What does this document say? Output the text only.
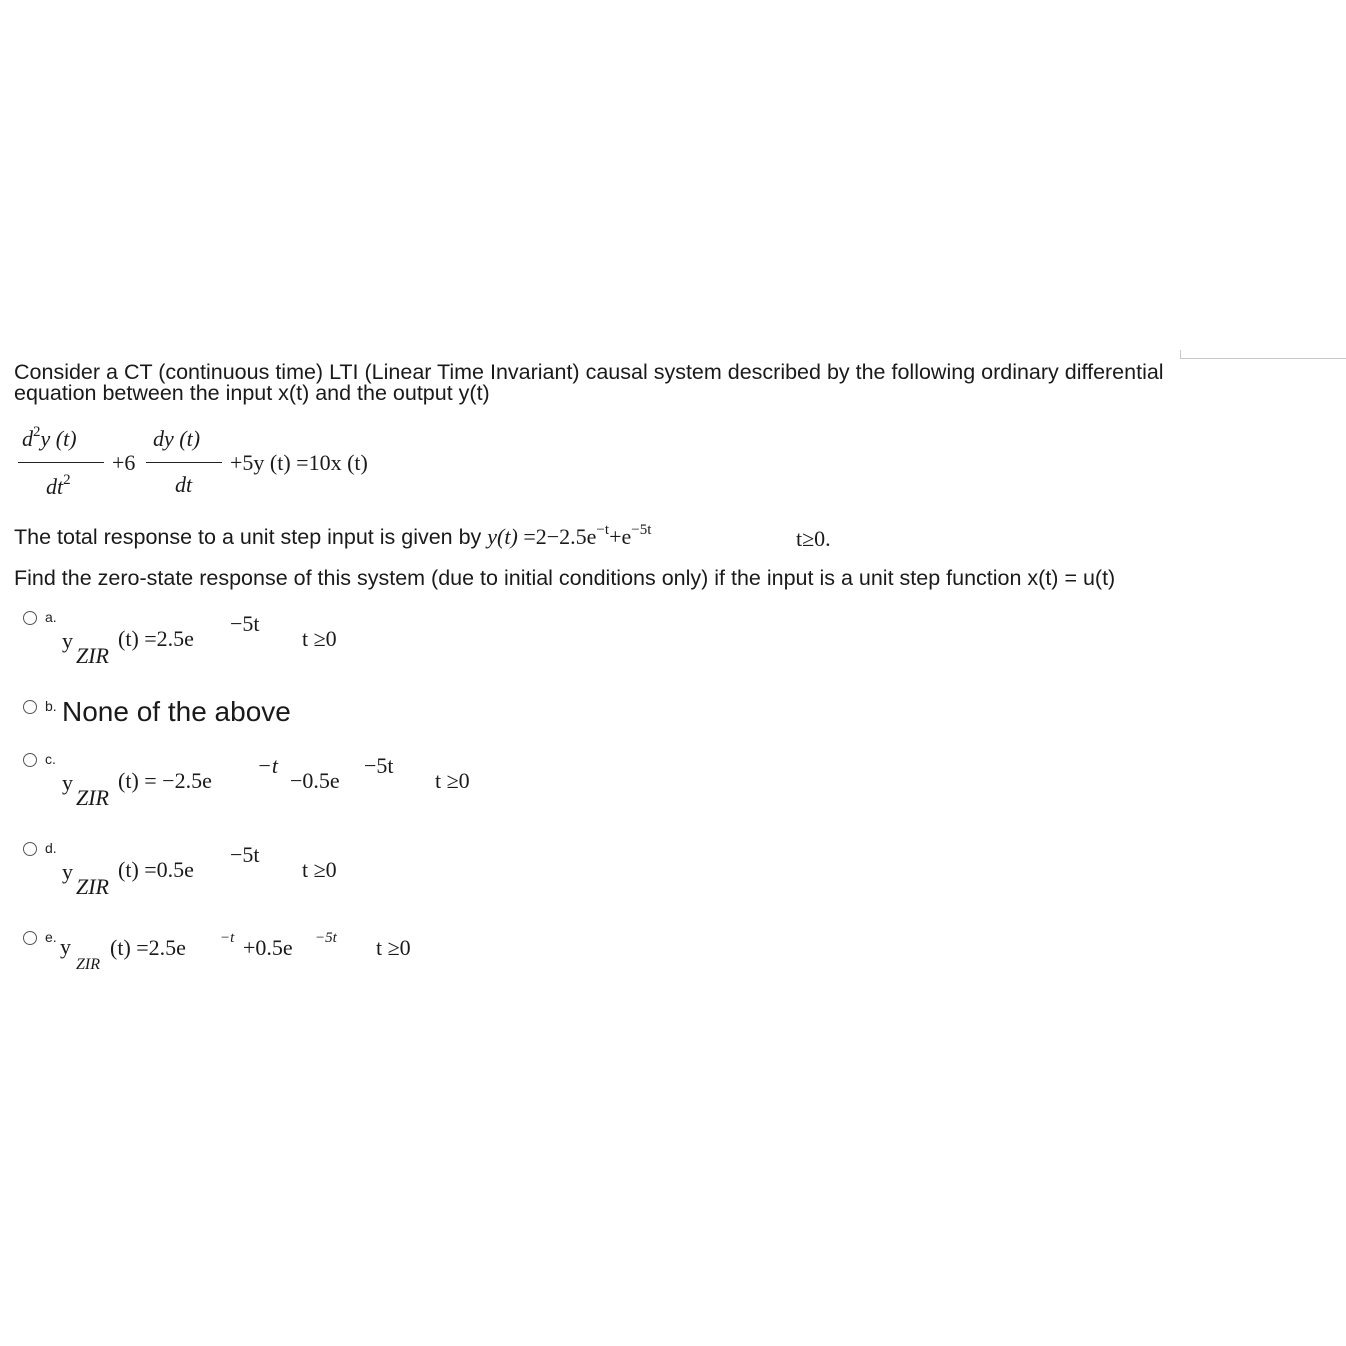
Consider a CT (continuous time) LTI (Linear Time Invariant) causal system described by the following ordinary differential
equation between the input x(t) and the output y(t)
$d^2y$ (t)
$dt^2$
+6
dy (t)
dt
+5y (t) =10x (t)
The total response to a unit step input is given by $y(t) =2-2.5e^{-t}+e^{-5t}$	t≥0.
Find the zero-state response of this system (due to initial conditions only) if the input is a unit step function x(t) = u(t)
a.
y
ZIR
(t) =2.5e
−5t
t ≥0
b. None of the above
c.
y
ZIR
(t) = −2.5e
−t
−0.5e
−5t
t ≥0
d.
y
ZIR
(t) =0.5e
−5t
t ≥0
e. y
ZIR
(t) =2.5e −t +0.5e −5t t ≥0
